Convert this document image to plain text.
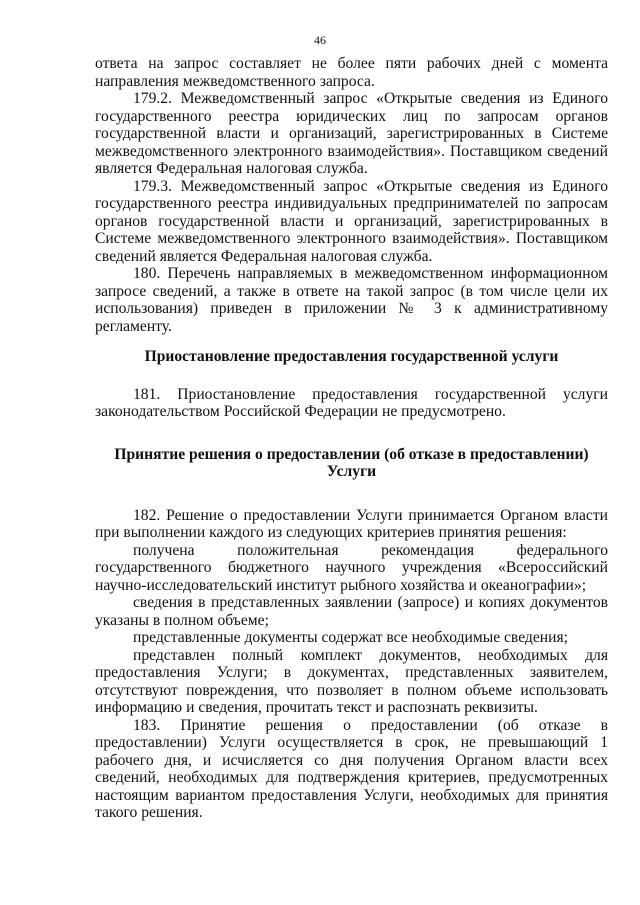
46

ответа на запрос составляет не более пяти рабочих дней с момента направления межведомственного запроса.

179.2. Межведомственный запрос «Открытые сведения из Единого государственного реестра юридических лиц по запросам органов государственной власти и организаций, зарегистрированных в Системе межведомственного электронного взаимодействия». Поставщиком сведений является Федеральная налоговая служба.

179.3. Межведомственный запрос «Открытые сведения из Единого государственного реестра индивидуальных предпринимателей по запросам органов государственной власти и организаций, зарегистрированных в Системе межведомственного электронного взаимодействия». Поставщиком сведений является Федеральная налоговая служба.

180. Перечень направляемых в межведомственном информационном запросе сведений, а также в ответе на такой запрос (в том числе цели их использования) приведен в приложении № 3 к административному регламенту.

Приостановление предоставления государственной услуги

181. Приостановление предоставления государственной услуги законодательством Российской Федерации не предусмотрено.

Принятие решения о предоставлении (об отказе в предоставлении) Услуги

182. Решение о предоставлении Услуги принимается Органом власти при выполнении каждого из следующих критериев принятия решения:

получена положительная рекомендация федерального государственного бюджетного научного учреждения «Всероссийский научно-исследовательский институт рыбного хозяйства и океанографии»;

сведения в представленных заявлении (запросе) и копиях документов указаны в полном объеме;

представленные документы содержат все необходимые сведения;

представлен полный комплект документов, необходимых для предоставления Услуги; в документах, представленных заявителем, отсутствуют повреждения, что позволяет в полном объеме использовать информацию и сведения, прочитать текст и распознать реквизиты.

183. Принятие решения о предоставлении (об отказе в предоставлении) Услуги осуществляется в срок, не превышающий 1 рабочего дня, и исчисляется со дня получения Органом власти всех сведений, необходимых для подтверждения критериев, предусмотренных настоящим вариантом предоставления Услуги, необходимых для принятия такого решения.
